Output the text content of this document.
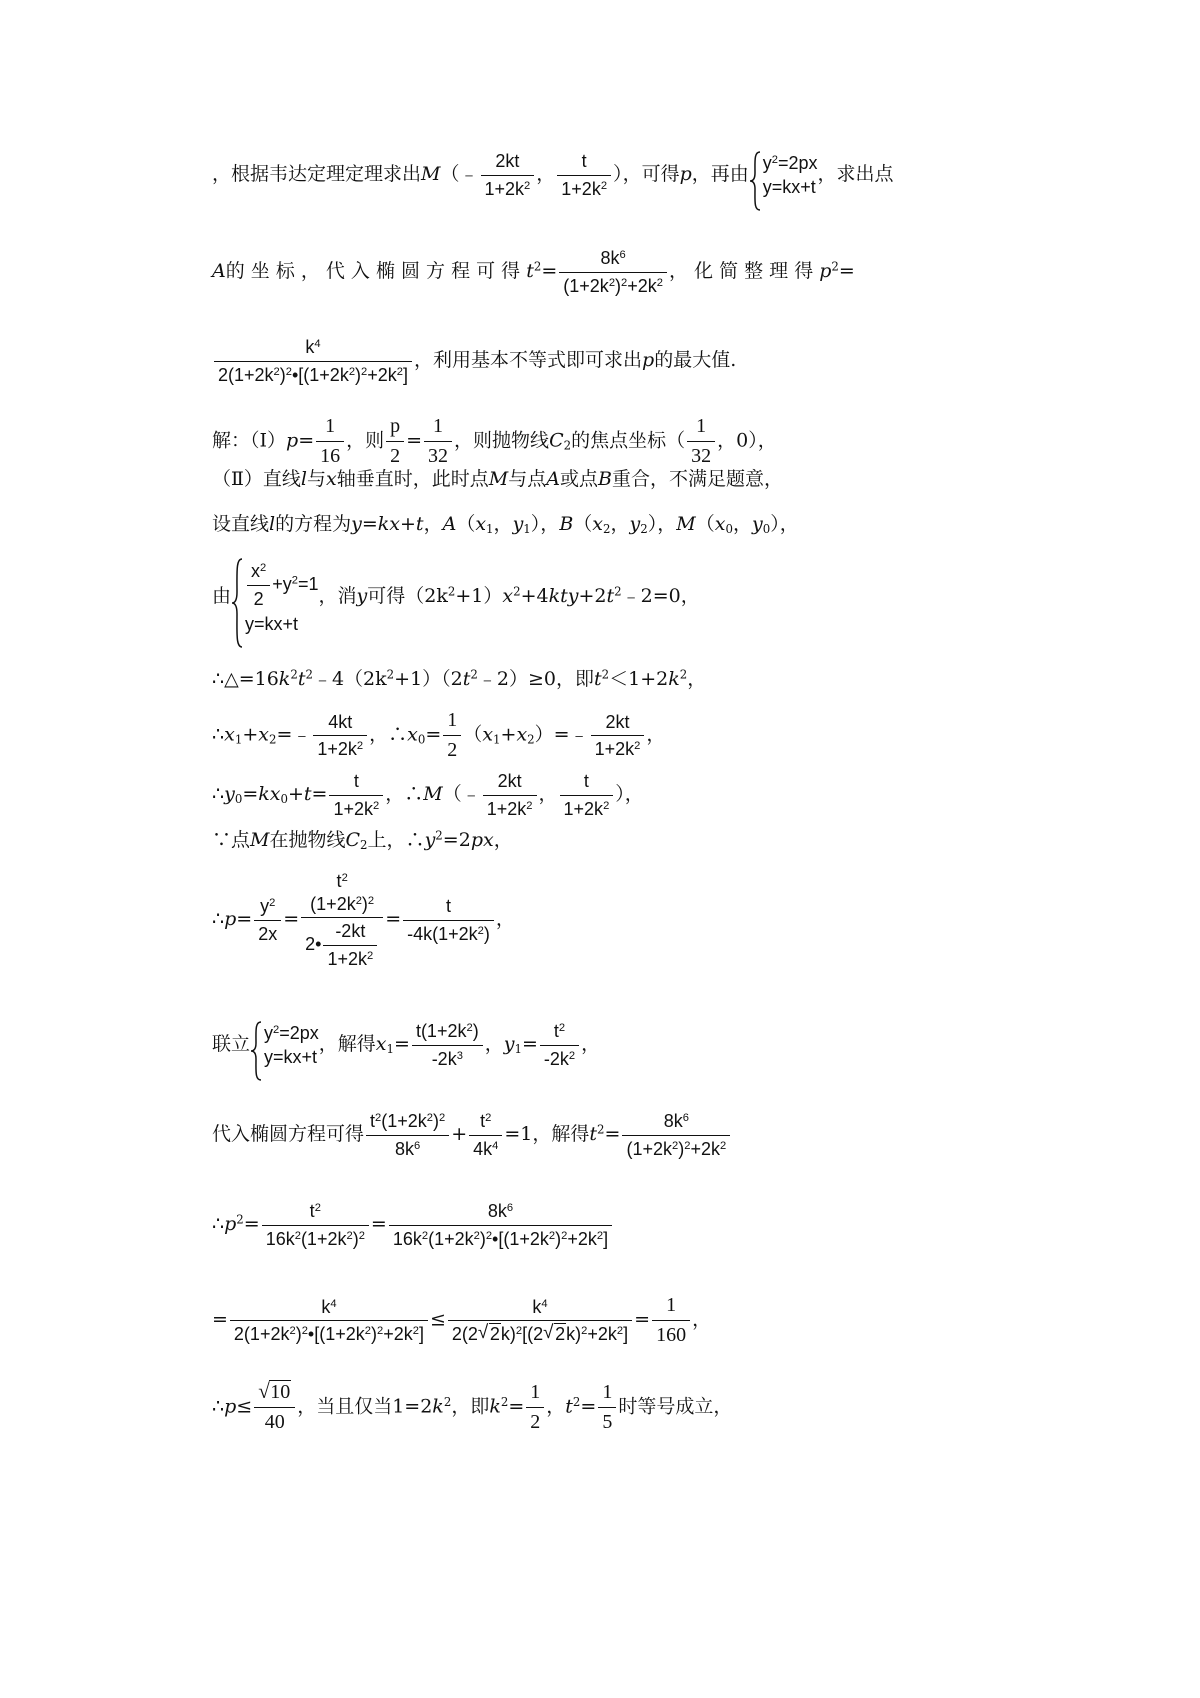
，根据韦达定理定理求出M（﹣ $\frac{2kt}{1+2k^2}$ ， $\frac{t}{1+2k^2}$ ），可得p，再由
$y^2=2px$
y=kx+t
，求出点
A的 坐 标 ， 代 入 椭 圆 方 程 可 得 $t^2= \frac{8k^6}{(1+2k^2)^2+2k^2}$ ， 化 简 整 理 得 $p^2=$
$\frac{k^4}{2(1+2k^2)^2•[(1+2k^2)^2+2k^2]}$ ，利用基本不等式即可求出p的最大值.
解：（Ⅰ）p= $\frac{1}{16}$ ，则 $\frac{p}{2} = \frac{1}{32}$ ，则抛物线$C_2$的焦点坐标（ $\frac{1}{32}$ ，0），
（Ⅱ）直线l与x轴垂直时，此时点M与点A或点B重合，不满足题意，
设直线l的方程为y=kx+t，$A(x_1$，$y_1$），$B(x_2$，$y_2$），$M(x_0$，$y_0$），
由 $\frac{x^2}{2} +y^2=1$
y=kx+t
，消y可得$(2k^2+1)x^2+4kty+2t^2﹣2=0$，
$\therefore\triangle=16k^2t^2﹣4(2k^2+1)(2t^2﹣2)\ge 0$，即$t^2<1+2k^2$，
$\therefore x_1+x_2=﹣ \frac{4kt}{1+2k^2}$ ，$\therefore x_0= \frac{1}{2}$ $(x_1+x_2)=﹣ \frac{2kt}{1+2k^2}$ ，
$\therefore y_0=kx_0+t= \frac{t}{1+2k^2}$ ，∴M（﹣ $\frac{2kt}{1+2k^2}$ ， $\frac{t}{1+2k^2}$ ），
∵点M在抛物线$C_2$上，$\therefore y^2=2px$，
∴p= $\frac{y^2}{2x}$ =
$t^2$
$(1+2k^2)^2$
2• $\frac{-2kt}{1+2k^2}$
= $\frac{t}{-4k(1+2k^2)}$ ，
联立
$y^2=2px$
y=kx+t
，解得$x_1= \frac{t(1+2k^2)}{-2k^3}$ ，$y_1= \frac{t^2}{-2k^2}$ ，
代入椭圆方程可得 $\frac{t^2(1+2k^2)^2}{8k^6} + \frac{t^2}{4k^4} =1$，解得$t^2= \frac{8k^6}{(1+2k^2)^2+2k^2}$
$\therefore p^2= \frac{t^2}{16k^2(1+2k^2)^2} = \frac{8k^6}{16k^2(1+2k^2)^2•[(1+2k^2)^2+2k^2]}$
= $\frac{k^4}{2(1+2k^2)^2•[(1+2k^2)^2+2k^2]} \le \frac{k^4}{2(2 √ 2k)^2[(2 √ 2k)^2+2k^2]} = \frac{1}{160}$ ，
∴p≤ √ $\frac{10}{40}$ ，当且仅当$1=2k^2$，即$k^2= \frac{1}{2}$ ，$t^2= \frac{1}{5}$ 时等号成立，
